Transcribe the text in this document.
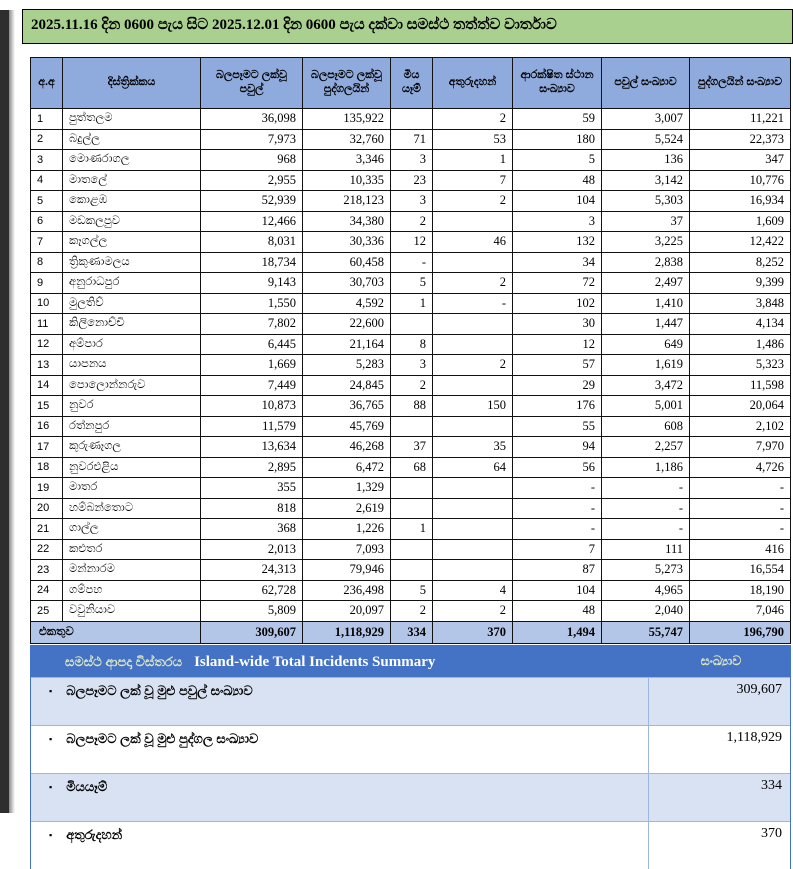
2025.11.16 දින 0600 පැය සිට 2025.12.01 දින 0600 පැය දක්වා සමස්ථ තත්ත්ව වාර්තාව
අ.අ	දිස්ත්‍රික්කය	බලපෑමට ලක්වූ පවුල්	බලපෑමට ලක්වූ පුද්ගලයින්	මිය යෑම්	අතුරුදහන්	ආරක්ෂිත ස්ථාන සංඛ්‍යාව	පවුල් සංඛ්‍යාව	පුද්ගලයින් සංඛ්‍යාව
1	පුත්තලම	36,098	135,922		2	59	3,007	11,221
2	බදුල්ල	7,973	32,760	71	53	180	5,524	22,373
3	මොණරාගල	968	3,346	3	1	5	136	347
4	මාතලේ	2,955	10,335	23	7	48	3,142	10,776
5	කොළඹ	52,939	218,123	3	2	104	5,303	16,934
6	මඩකලපුව	12,466	34,380	2		3	37	1,609
7	කෑගල්ල	8,031	30,336	12	46	132	3,225	12,422
8	ත්‍රිකුණාමලය	18,734	60,458	-		34	2,838	8,252
9	අනුරාධපුර	9,143	30,703	5	2	72	2,497	9,399
10	මුලතිව්	1,550	4,592	1	-	102	1,410	3,848
11	කිලිනොච්චි	7,802	22,600			30	1,447	4,134
12	අම්පාර	6,445	21,164	8		12	649	1,486
13	යාපනය	1,669	5,283	3	2	57	1,619	5,323
14	පොලොන්නරුව	7,449	24,845	2		29	3,472	11,598
15	නුවර	10,873	36,765	88	150	176	5,001	20,064
16	රත්නපුර	11,579	45,769			55	608	2,102
17	කුරුණෑගල	13,634	46,268	37	35	94	2,257	7,970
18	නුවරඑළිය	2,895	6,472	68	64	56	1,186	4,726
19	මාතර	355	1,329			-	-	-
20	හම්බන්තොට	818	2,619			-	-	-
21	ගාල්ල	368	1,226	1		-	-	-
22	කළුතර	2,013	7,093			7	111	416
23	මන්නාරම	24,313	79,946			87	5,273	16,554
24	ගම්පහ	62,728	236,498	5	4	104	4,965	18,190
25	වවුනියාව	5,809	20,097	2	2	48	2,040	7,046
එකතුව		309,607	1,118,929	334	370	1,494	55,747	196,790
සමස්ථ ආපදා විස්තරය Island-wide Total Incidents Summary	සංඛ්‍යාව
▪ බලපෑමට ලක් වූ මුළු පවුල් සංඛ්‍යාව	309,607
▪ බලපෑමට ලක් වූ මුළු පුද්ගල සංඛ්‍යාව	1,118,929
▪ මියයෑම්	334
▪ අතුරුදහන්	370
